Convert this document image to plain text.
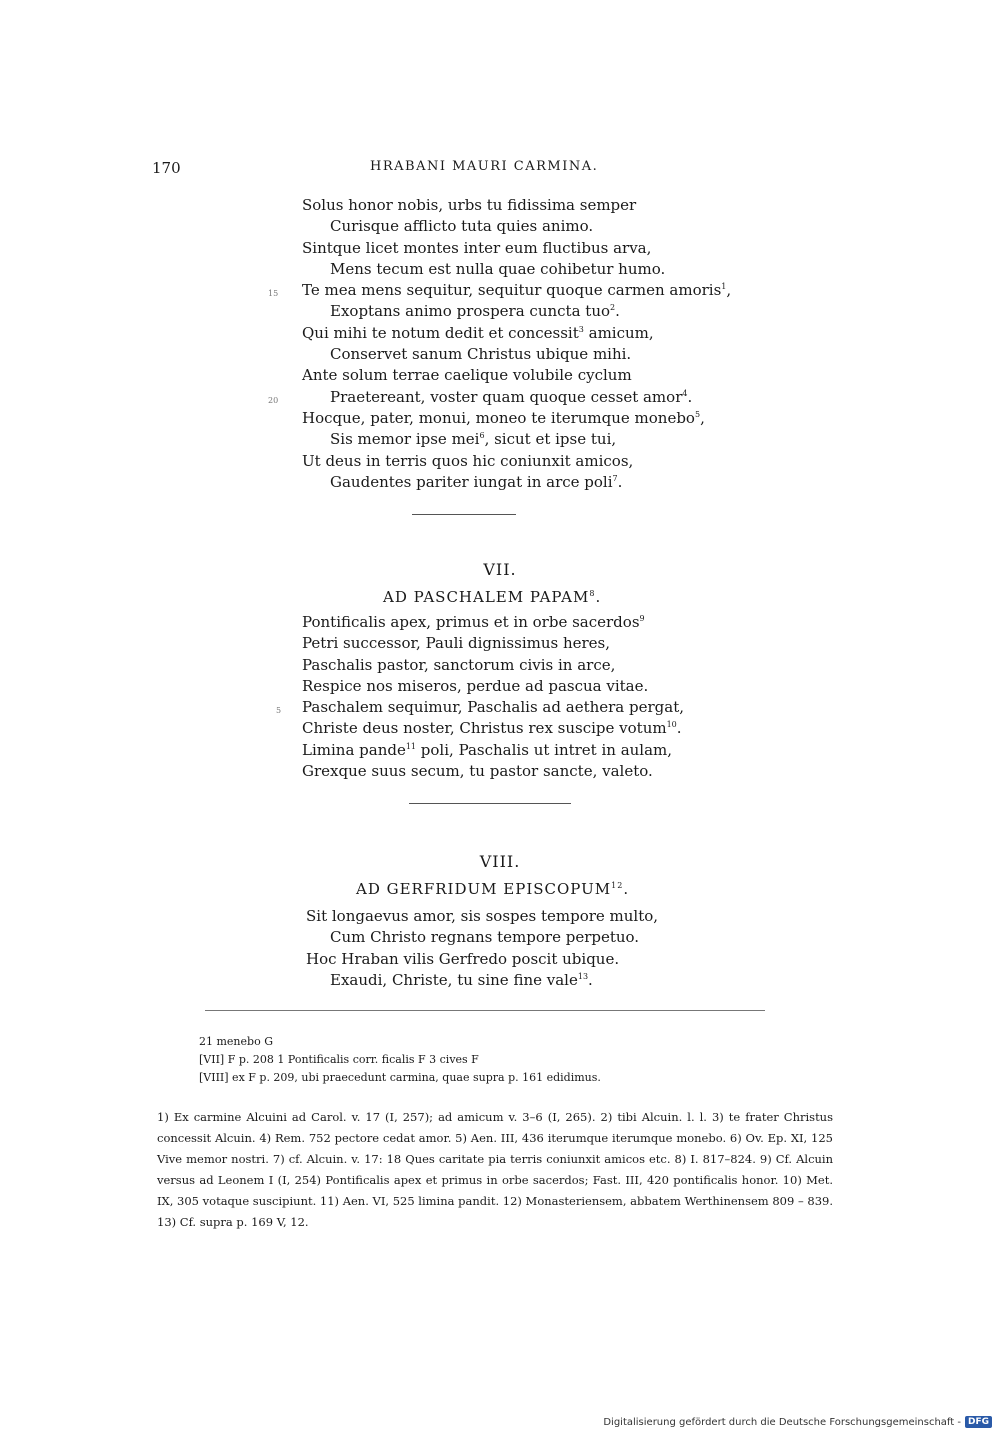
170	HRABANI MAURI CARMINA.
Solus honor nobis, urbs tu fidissima semper
Curisque afflicto tuta quies animo.
Sintque licet montes inter eum fluctibus arva,
Mens tecum est nulla quae cohibetur humo.
15 Te mea mens sequitur, sequitur quoque carmen amoris$^1$,
Exoptans animo prospera cuncta tuo$^2$.
Qui mihi te notum dedit et concessit$^3$ amicum,
Conservet sanum Christus ubique mihi.
Ante solum terrae caelique volubile cyclum
20	Praetereant, voster quam quoque cesset amor$^4$.
Hocque, pater, monui, moneo te iterumque monebo$^5$,
Sis memor ipse mei$^6$, sicut et ipse tui,
Ut deus in terris quos hic coniunxit amicos,
Gaudentes pariter iungat in arce poli$^7$.
VII.
AD PASCHALEM PAPAM$^8$.
Pontificalis apex, primus et in orbe sacerdos$^9$
Petri successor, Pauli dignissimus heres,
Paschalis pastor, sanctorum civis in arce,
Respice nos miseros, perdue ad pascua vitae.
5 Paschalem sequimur, Paschalis ad aethera pergat,
Christe deus noster, Christus rex suscipe votum$^{10}$.
Limina pande$^{11}$ poli, Paschalis ut intret in aulam,
Grexque suus secum, tu pastor sancte, valeto.
VIII.
AD GERFRIDUM EPISCOPUM$^{12}$.
Sit longaevus amor, sis sospes tempore multo,
Cum Christo regnans tempore perpetuo.
Hoc Hraban vilis Gerfredo poscit ubique.
Exaudi, Christe, tu sine fine vale$^{13}$.
21 menebo G
[VII] F p. 208 1 Pontificalis corr. ficalis F 3 cives F
[VIII] ex F p. 209, ubi praecedunt carmina, quae supra p. 161 edidimus.
1) Ex carmine Alcuini ad Carol. v. 17 (I, 257); ad amicum v. 3–6 (I, 265). 2) tibi Alcuin. l. l. 3) te frater Christus concessit Alcuin. 4) Rem. 752 pectore cedat amor. 5) Aen. III, 436 iterumque iterumque monebo. 6) Ov. Ep. XI, 125 Vive memor nostri. 7) cf. Alcuin. v. 17: 18 Ques caritate pia terris coniunxit amicos etc. 8) I. 817–824. 9) Cf. Alcuin versus ad Leonem I (I, 254) Pontificalis apex et primus in orbe sacerdos; Fast. III, 420 pontificalis honor. 10) Met. IX, 305 votaque suscipiunt. 11) Aen. VI, 525 limina pandit. 12) Monasteriensem, abbatem Werthinensem 809 – 839. 13) Cf. supra p. 169 V, 12.
Digitalisierung gefördert durch die Deutsche Forschungsgemeinschaft - DFG
